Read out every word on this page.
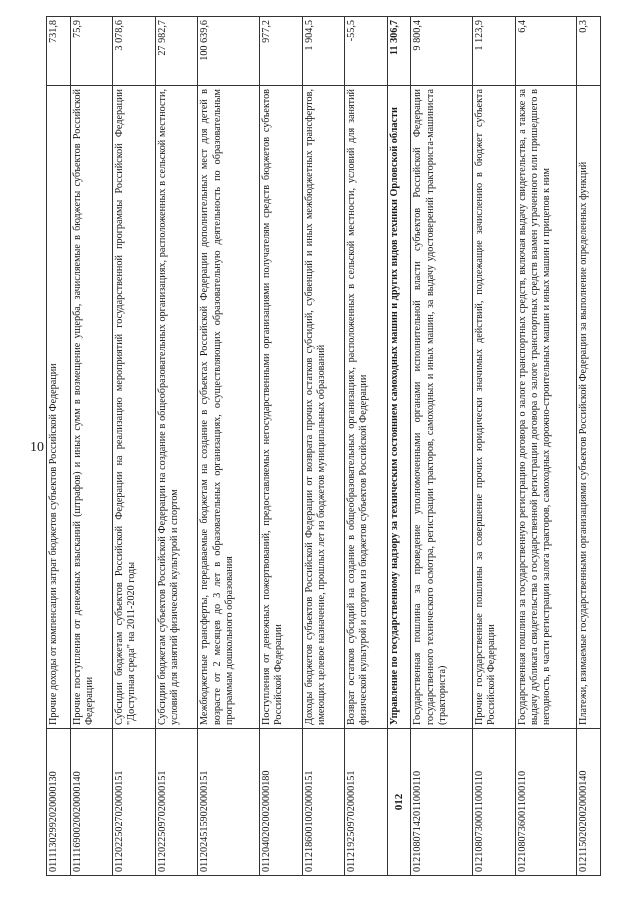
10
01111302992020000130	Прочие доходы от компенсации затрат бюджетов субъектов Российской Федерации	731,8
01111690020020000140	Прочие поступления от денежных взысканий (штрафов) и иных сумм в возмещение ущерба, зачисляемые в бюджеты субъектов Российской Федерации	75,9
01120225027020000151	Субсидии бюджетам субъектов Российской Федерации на реализацию мероприятий государственной программы Российской Федерации "Доступная среда" на 2011-2020 годы	3 078,6
01120225097020000151	Субсидии бюджетам субъектов Российской Федерации на создание в общеобразовательных организациях, расположенных в сельской местности, условий для занятий физической культурой и спортом	27 982,7
01120245159020000151	Межбюджетные трансферты, передаваемые бюджетам на создание в субъектах Российской Федерации дополнительных мест для детей в возрасте от 2 месяцев до 3 лет в образовательных организациях, осуществляющих образовательную деятельность по образовательным программам дошкольного образования	100 639,6
01120402020020000180	Поступления от денежных пожертвований, предоставляемых негосударственными организациями получателям средств бюджетов субъектов Российской Федерации	977,2
01121860010020000151	Доходы бюджетов субъектов Российской Федерации от возврата прочих остатков субсидий, субвенций и иных межбюджетных трансфертов, имеющих целевое назначение, прошлых лет из бюджетов муниципальных образований	1 904,5
01121925097020000151	Возврат остатков субсидий на создание в общеобразовательных организациях, расположенных в сельской местности, условий для занятий физической культурой и спортом из бюджетов субъектов Российской Федерации	-55,5
012	Управление по государственному надзору за техническим состоянием самоходных машин и других видов техники Орловской области	11 306,7
01210807142011000110	Государственная пошлина за проведение уполномоченными органами исполнительной власти субъектов Российской Федерации государственного технического осмотра, регистрации тракторов, самоходных и иных машин, за выдачу удостоверений тракториста-машиниста (тракториста)	9 800,4
01210807300011000110	Прочие государственные пошлины за совершение прочих юридически значимых действий, подлежащие зачислению в бюджет субъекта Российской Федерации	1 123,9
01210807360011000110	Государственная пошлина за государственную регистрацию договора о залоге транспортных средств, включая выдачу свидетельства, а также за выдачу дубликата свидетельства о государственной регистрации договора о залоге транспортных средств взамен утраченного или пришедшего в негодность, в части регистрации залога тракторов, самоходных дорожно-строительных машин и иных машин и прицепов к ним	6,4
01211502020020000140	Платежи, взимаемые государственными организациями субъектов Российской Федерации за выполнение определенных функций	0,3
